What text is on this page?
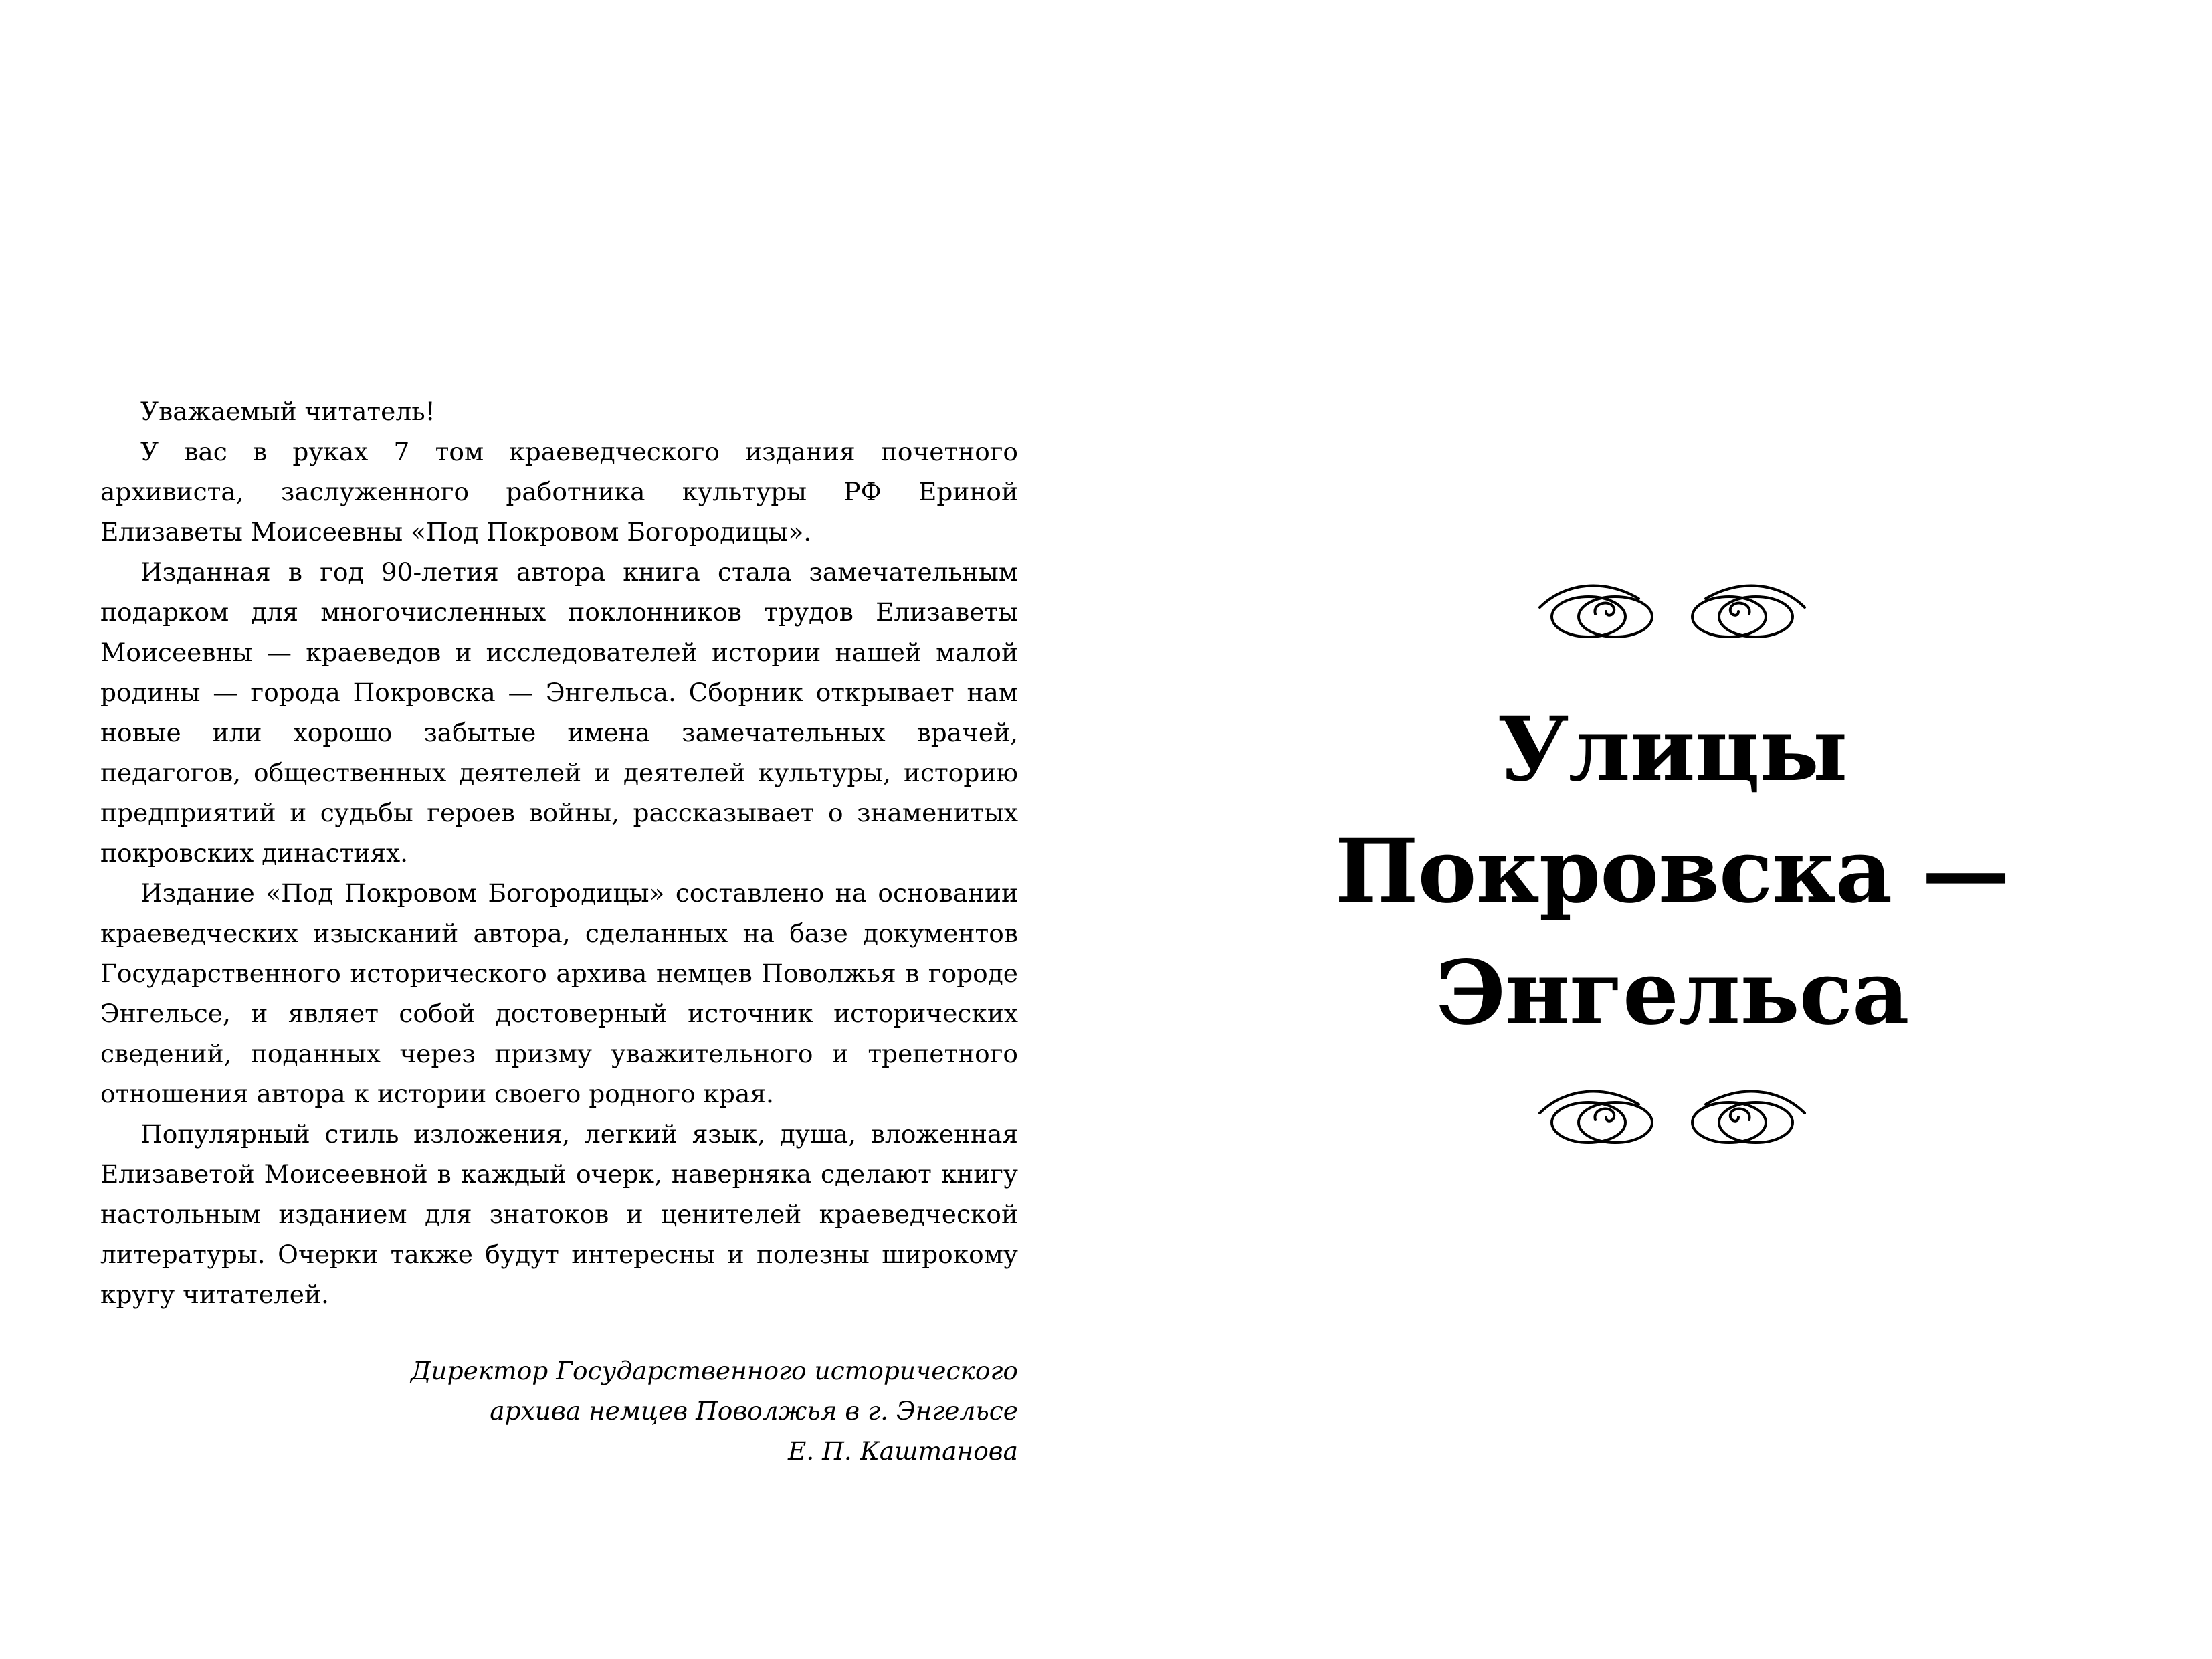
Уважаемый читатель!

У вас в руках 7 том краеведческого издания почетного архивиста, заслуженного работника культуры РФ Ериной Елизаветы Моисеевны «Под Покровом Богородицы».

Изданная в год 90-летия автора книга стала замечательным подарком для многочисленных поклонников трудов Елизаветы Моисеевны — краеведов и исследователей истории нашей малой родины — города Покровска — Энгельса. Сборник открывает нам новые или хорошо забытые имена замечательных врачей, педагогов, общественных деятелей и деятелей культуры, историю предприятий и судьбы героев войны, рассказывает о знаменитых покровских династиях.

Издание «Под Покровом Богородицы» составлено на основании краеведческих изысканий автора, сделанных на базе документов Государственного исторического архива немцев Поволжья в городе Энгельсе, и являет собой достоверный источник исторических сведений, поданных через призму уважительного и трепетного отношения автора к истории своего родного края.

Популярный стиль изложения, легкий язык, душа, вложенная Елизаветой Моисеевной в каждый очерк, наверняка сделают книгу настольным изданием для знатоков и ценителей краеведческой литературы. Очерки также будут интересны и полезны широкому кругу читателей.

Директор Государственного исторического
архива немцев Поволжья в г. Энгельсе
Е. П. Каштанова
Улицы
Покровска —
Энгельса
